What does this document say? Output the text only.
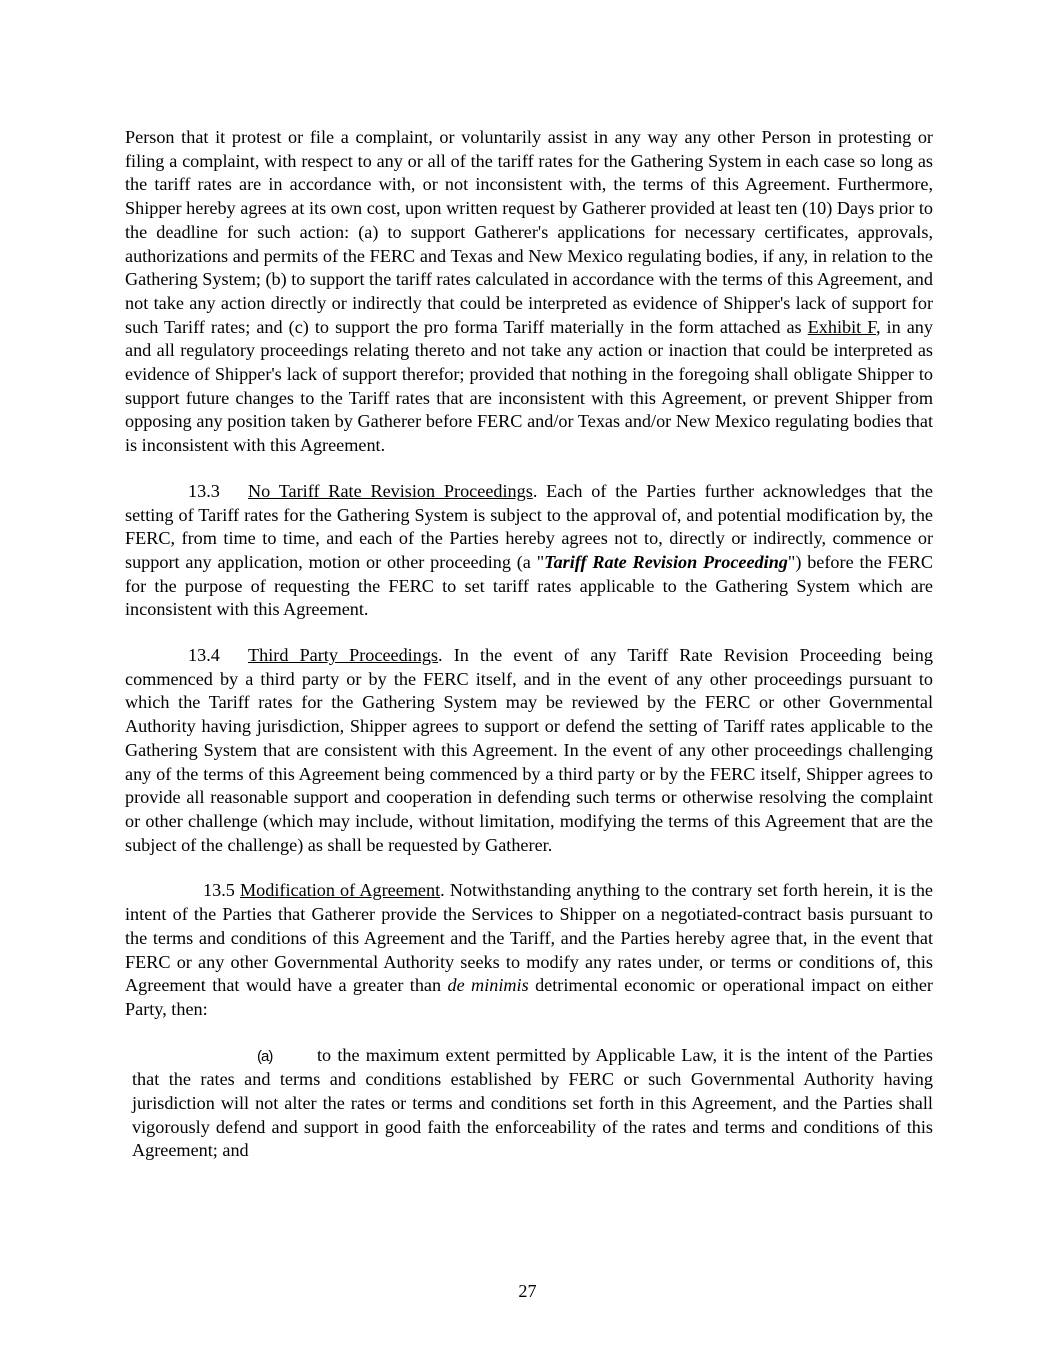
Person that it protest or file a complaint, or voluntarily assist in any way any other Person in protesting or filing a complaint, with respect to any or all of the tariff rates for the Gathering System in each case so long as the tariff rates are in accordance with, or not inconsistent with, the terms of this Agreement. Furthermore, Shipper hereby agrees at its own cost, upon written request by Gatherer provided at least ten (10) Days prior to the deadline for such action: (a) to support Gatherer's applications for necessary certificates, approvals, authorizations and permits of the FERC and Texas and New Mexico regulating bodies, if any, in relation to the Gathering System; (b) to support the tariff rates calculated in accordance with the terms of this Agreement, and not take any action directly or indirectly that could be interpreted as evidence of Shipper's lack of support for such Tariff rates; and (c) to support the pro forma Tariff materially in the form attached as Exhibit F, in any and all regulatory proceedings relating thereto and not take any action or inaction that could be interpreted as evidence of Shipper's lack of support therefor; provided that nothing in the foregoing shall obligate Shipper to support future changes to the Tariff rates that are inconsistent with this Agreement, or prevent Shipper from opposing any position taken by Gatherer before FERC and/or Texas and/or New Mexico regulating bodies that is inconsistent with this Agreement.

13.3 No Tariff Rate Revision Proceedings. Each of the Parties further acknowledges that the setting of Tariff rates for the Gathering System is subject to the approval of, and potential modification by, the FERC, from time to time, and each of the Parties hereby agrees not to, directly or indirectly, commence or support any application, motion or other proceeding (a "Tariff Rate Revision Proceeding") before the FERC for the purpose of requesting the FERC to set tariff rates applicable to the Gathering System which are inconsistent with this Agreement.

13.4 Third Party Proceedings. In the event of any Tariff Rate Revision Proceeding being commenced by a third party or by the FERC itself, and in the event of any other proceedings pursuant to which the Tariff rates for the Gathering System may be reviewed by the FERC or other Governmental Authority having jurisdiction, Shipper agrees to support or defend the setting of Tariff rates applicable to the Gathering System that are consistent with this Agreement. In the event of any other proceedings challenging any of the terms of this Agreement being commenced by a third party or by the FERC itself, Shipper agrees to provide all reasonable support and cooperation in defending such terms or otherwise resolving the complaint or other challenge (which may include, without limitation, modifying the terms of this Agreement that are the subject of the challenge) as shall be requested by Gatherer.

13.5 Modification of Agreement. Notwithstanding anything to the contrary set forth herein, it is the intent of the Parties that Gatherer provide the Services to Shipper on a negotiated-contract basis pursuant to the terms and conditions of this Agreement and the Tariff, and the Parties hereby agree that, in the event that FERC or any other Governmental Authority seeks to modify any rates under, or terms or conditions of, this Agreement that would have a greater than de minimis detrimental economic or operational impact on either Party, then:

(a) to the maximum extent permitted by Applicable Law, it is the intent of the Parties that the rates and terms and conditions established by FERC or such Governmental Authority having jurisdiction will not alter the rates or terms and conditions set forth in this Agreement, and the Parties shall vigorously defend and support in good faith the enforceability of the rates and terms and conditions of this Agreement; and

27
